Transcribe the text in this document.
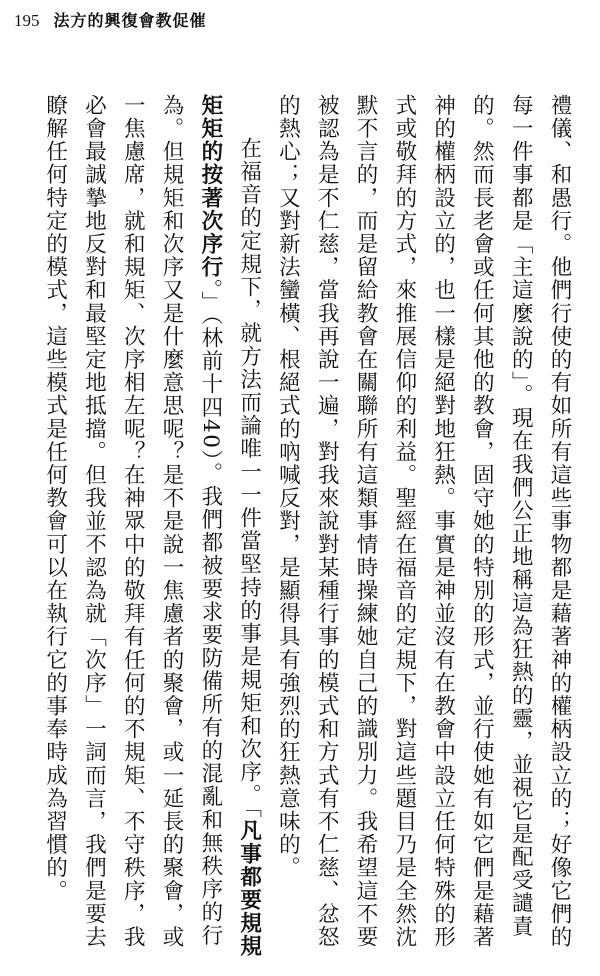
195 法方的興復會教促催
禮儀、和愚行。他們行使的有如所有這些事物都是藉著神的權柄設立的；好像它們的每一件事都是「主這麼說的」。現在我們公正地稱這為狂熱的靈，並視它是配受譴責的。然而長老會或任何其他的教會，固守她的特別的形式，並行使她有如它們是藉著神的權柄設立的，也一樣是絕對地狂熱。事實是神並沒有在教會中設立任何特殊的形式或敬拜的方式，來推展信仰的利益。聖經在福音的定規下，對這些題目乃是全然沈默不言的，而是留給教會在關聯所有這類事情時操練她自己的識別力。我希望這不要被認為是不仁慈，當我再說一遍，對我來說對某種行事的模式和方式有不仁慈、忿怒的熱心；又對新法蠻橫、根絕式的吶喊反對，是顯得具有強烈的狂熱意味的。
在福音的定規下，就方法而論唯一一件當堅持的事是規矩和次序。「凡事都要規規矩矩的按著次序行。」（林前十四40）。我們都被要求要防備所有的混亂和無秩序的行為。但規矩和次序又是什麼意思呢？是不是說一焦慮者的聚會，或一延長的聚會，或一焦慮席，就和規矩、次序相左呢？在神眾中的敬拜有任何的不規矩、不守秩序，我必會最誠摯地反對和最堅定地抵擋。但我並不認為就「次序」一詞而言，我們是要去瞭解任何特定的模式，這些模式是任何教會可以在執行它的事奉時成為習慣的。
